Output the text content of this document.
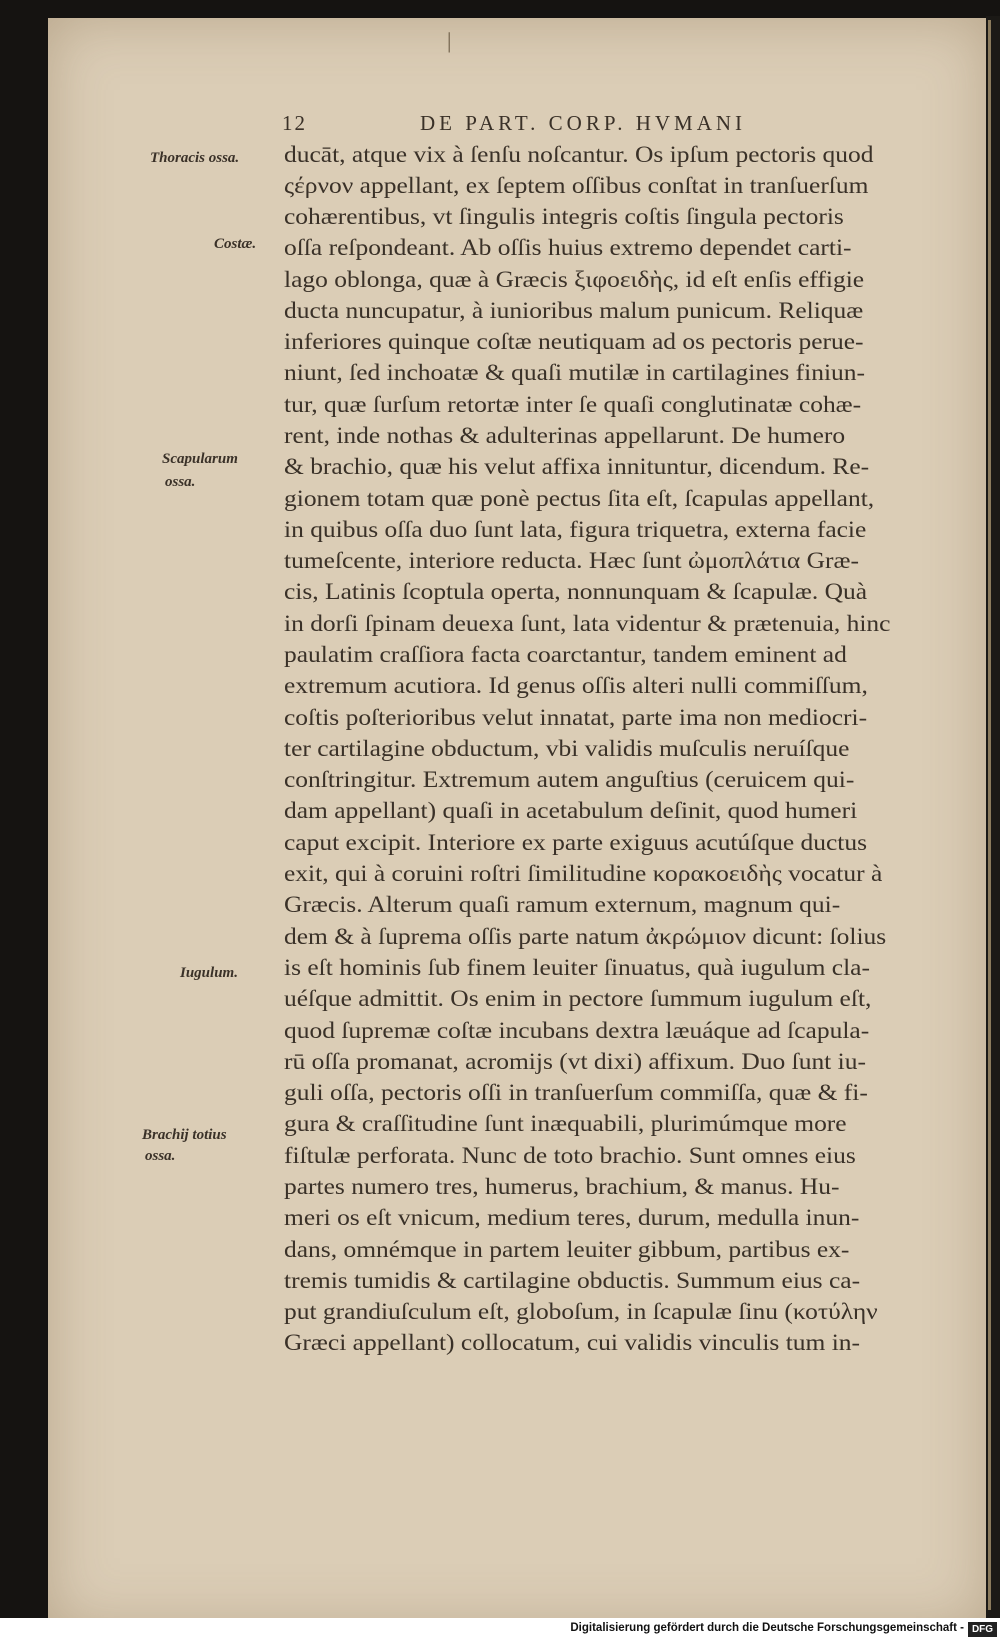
|
12	DE PART. CORP. HVMANI
Thoracis ossa.
Costæ.
Scapularum
ossa.
Iugulum.
Brachij totius
ossa.
ducāt, atque vix à ſenſu noſcantur. Os ipſum pectoris quod
ςέρνον appellant, ex ſeptem oſſibus conſtat in tranſuerſum
cohærentibus, vt ſingulis integris coſtis ſingula pectoris
oſſa reſpondeant. Ab oſſis huius extremo dependet carti-
lago oblonga, quæ à Græcis ξιφοειδὴς, id eſt enſis effigie
ducta nuncupatur, à iunioribus malum punicum. Reliquæ
inferiores quinque coſtæ neutiquam ad os pectoris perue-
niunt, ſed inchoatæ & quaſi mutilæ in cartilagines finiun-
tur, quæ ſurſum retortæ inter ſe quaſi conglutinatæ cohæ-
rent, inde nothas & adulterinas appellarunt. De humero
& brachio, quæ his velut affixa innituntur, dicendum. Re-
gionem totam quæ ponè pectus ſita eſt, ſcapulas appellant,
in quibus oſſa duo ſunt lata, figura triquetra, externa facie
tumeſcente, interiore reducta. Hæc ſunt ὠμοπλάτια Græ-
cis, Latinis ſcoptula operta, nonnunquam & ſcapulæ. Quà
in dorſi ſpinam deuexa ſunt, lata videntur & prætenuia, hinc
paulatim craſſiora facta coarctantur, tandem eminent ad
extremum acutiora. Id genus oſſis alteri nulli commiſſum,
coſtis poſterioribus velut innatat, parte ima non mediocri-
ter cartilagine obductum, vbi validis muſculis neruíſque
conſtringitur. Extremum autem anguſtius (ceruicem qui-
dam appellant) quaſi in acetabulum deſinit, quod humeri
caput excipit. Interiore ex parte exiguus acutúſque ductus
exit, qui à coruini roſtri ſimilitudine κορακοειδὴς vocatur à
Græcis. Alterum quaſi ramum externum, magnum qui-
dem & à ſuprema oſſis parte natum ἀκρώμιον dicunt: ſolius
is eſt hominis ſub finem leuiter ſinuatus, quà iugulum cla-
uéſque admittit. Os enim in pectore ſummum iugulum eſt,
quod ſupremæ coſtæ incubans dextra læuáque ad ſcapula-
rū oſſa promanat, acromijs (vt dixi) affixum. Duo ſunt iu-
guli oſſa, pectoris oſſi in tranſuerſum commiſſa, quæ & fi-
gura & craſſitudine ſunt inæquabili, plurimúmque more
fiſtulæ perforata. Nunc de toto brachio. Sunt omnes eius
partes numero tres, humerus, brachium, & manus. Hu-
meri os eſt vnicum, medium teres, durum, medulla inun-
dans, omnémque in partem leuiter gibbum, partibus ex-
tremis tumidis & cartilagine obductis. Summum eius ca-
put grandiuſculum eſt, globoſum, in ſcapulæ ſinu (κοτύλην
Græci appellant) collocatum, cui validis vinculis tum in-
Digitalisierung gefördert durch die Deutsche Forschungsgemeinschaft - DFG
